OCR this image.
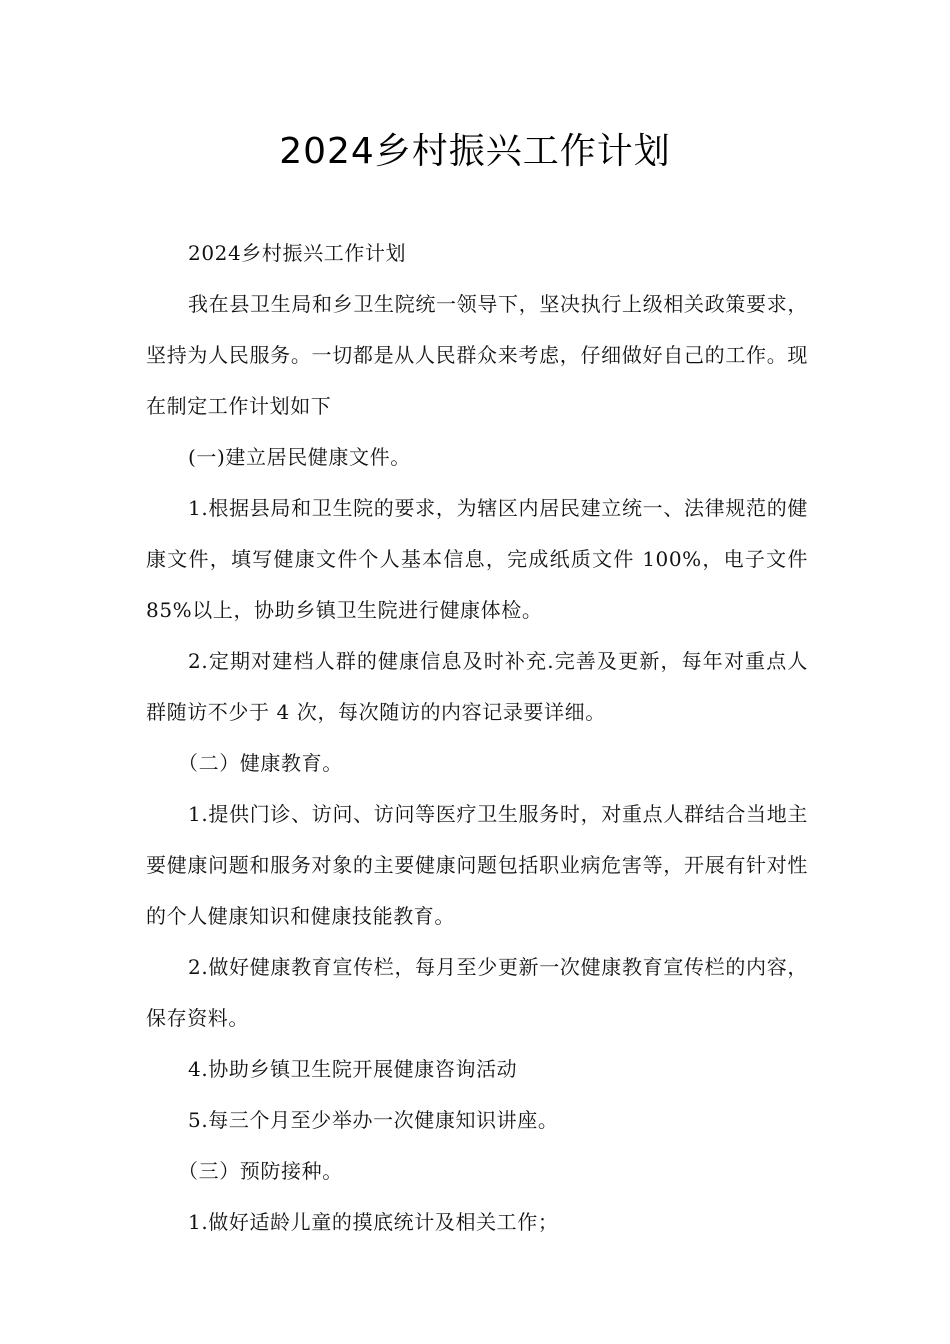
2024乡村振兴工作计划

2024乡村振兴工作计划

我在县卫生局和乡卫生院统一领导下，坚决执行上级相关政策要求，坚持为人民服务。一切都是从人民群众来考虑，仔细做好自己的工作。现在制定工作计划如下

(一)建立居民健康文件。

1.根据县局和卫生院的要求，为辖区内居民建立统一、法律规范的健康文件，填写健康文件个人基本信息，完成纸质文件 100%，电子文件 85%以上，协助乡镇卫生院进行健康体检。

2.定期对建档人群的健康信息及时补充.完善及更新，每年对重点人群随访不少于 4 次，每次随访的内容记录要详细。

（二）健康教育。

1.提供门诊、访问、访问等医疗卫生服务时，对重点人群结合当地主要健康问题和服务对象的主要健康问题包括职业病危害等，开展有针对性的个人健康知识和健康技能教育。

2.做好健康教育宣传栏，每月至少更新一次健康教育宣传栏的内容，保存资料。

4.协助乡镇卫生院开展健康咨询活动

5.每三个月至少举办一次健康知识讲座。

（三）预防接种。

1.做好适龄儿童的摸底统计及相关工作；
